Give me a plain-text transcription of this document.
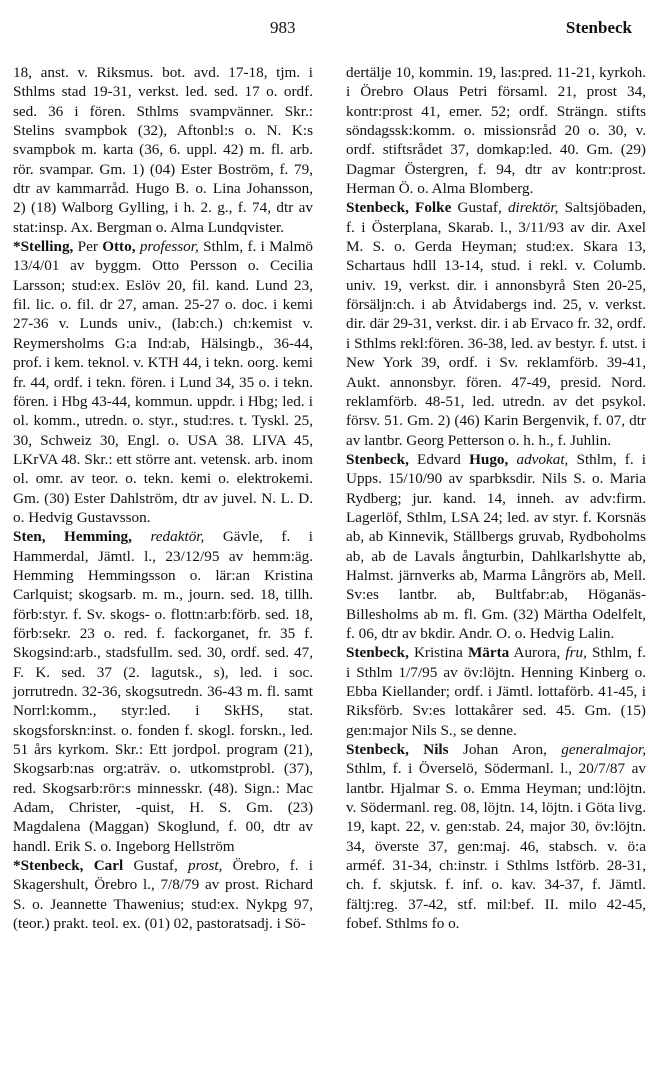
983	Stenbeck

18, anst. v. Riksmus. bot. avd. 17-18, tjm. i Sthlms stad 19-31, verkst. led. sed. 17 o. ordf. sed. 36 i fören. Sthlms svampvänner. Skr.: Stelins svampbok (32), Aftonbl:s o. N. K:s svampbok m. karta (36, 6. uppl. 42) m. fl. arb. rör. svampar. Gm. 1) (04) Ester Boström, f. 79, dtr av kammarråd. Hugo B. o. Lina Johansson, 2) (18) Walborg Gylling, i h. 2. g., f. 74, dtr av stat:insp. Ax. Bergman o. Alma Lundqvister.

*Stelling, Per Otto, professor, Sthlm, f. i Malmö 13/4/01 av byggm. Otto Persson o. Cecilia Larsson; stud:ex. Eslöv 20, fil. kand. Lund 23, fil. lic. o. fil. dr 27, aman. 25-27 o. doc. i kemi 27-36 v. Lunds univ., (lab:ch.) ch:kemist v. Reymersholms G:a Ind:ab, Hälsingb., 36-44, prof. i kem. teknol. v. KTH 44, i tekn. oorg. kemi fr. 44, ordf. i tekn. fören. i Lund 34, 35 o. i tekn. fören. i Hbg 43-44, kommun. uppdr. i Hbg; led. i ol. komm., utredn. o. styr., stud:res. t. Tyskl. 25, 30, Schweiz 30, Engl. o. USA 38. LIVA 45, LKrVA 48. Skr.: ett större ant. vetensk. arb. inom ol. omr. av teor. o. tekn. kemi o. elektrokemi. Gm. (30) Ester Dahlström, dtr av juvel. N. L. D. o. Hedvig Gustavsson.

Sten, Hemming, redaktör, Gävle, f. i Hammerdal, Jämtl. l., 23/12/95 av hemm:äg. Hemming Hemmingsson o. lär:an Kristina Carlquist; skogsarb. m. m., journ. sed. 18, tillh. förb:styr. f. Sv. skogs- o. flottn:arb:förb. sed. 18, förb:sekr. 23 o. red. f. fackorganet, fr. 35 f. Skogsind:arb., stadsfullm. sed. 30, ordf. sed. 47, F. K. sed. 37 (2. lagutsk., s), led. i soc. jorrutredn. 32-36, skogsutredn. 36-43 m. fl. samt Norrl:komm., styr:led. i SkHS, stat. skogsforskn:inst. o. fonden f. skogl. forskn., led. 51 års kyrkom. Skr.: Ett jordpol. program (21), Skogsarb:nas org:aträv. o. utkomstprobl. (37), red. Skogsarb:rör:s minnesskr. (48). Sign.: Mac Adam, Christer, -quist, H. S. Gm. (23) Magdalena (Maggan) Skoglund, f. 00, dtr av handl. Erik S. o. Ingeborg Hellström

*Stenbeck, Carl Gustaf, prost, Örebro, f. i Skagershult, Örebro l., 7/8/79 av prost. Richard S. o. Jeannette Thawenius; stud:ex. Nykpg 97, (teor.) prakt. teol. ex. (01) 02, pastoratsadj. i Sö-

dertälje 10, kommin. 19, las:pred. 11-21, kyrkoh. i Örebro Olaus Petri församl. 21, prost 34, kontr:prost 41, emer. 52; ordf. Strängn. stifts söndagssk:komm. o. missionsråd 20 o. 30, v. ordf. stiftsrådet 37, domkap:led. 40. Gm. (29) Dagmar Östergren, f. 94, dtr av kontr:prost. Herman Ö. o. Alma Blomberg.

Stenbeck, Folke Gustaf, direktör, Saltsjöbaden, f. i Österplana, Skarab. l., 3/11/93 av dir. Axel M. S. o. Gerda Heyman; stud:ex. Skara 13, Schartaus hdll 13-14, stud. i rekl. v. Columb. univ. 19, verkst. dir. i annonsbyrå Sten 20-25, försäljn:ch. i ab Åtvidabergs ind. 25, v. verkst. dir. där 29-31, verkst. dir. i ab Ervaco fr. 32, ordf. i Sthlms rekl:fören. 36-38, led. av bestyr. f. utst. i New York 39, ordf. i Sv. reklamförb. 39-41, Aukt. annonsbyr. fören. 47-49, presid. Nord. reklamförb. 48-51, led. utredn. av det psykol. försv. 51. Gm. 2) (46) Karin Bergenvik, f. 07, dtr av lantbr. Georg Petterson o. h. h., f. Juhlin.

Stenbeck, Edvard Hugo, advokat, Sthlm, f. i Upps. 15/10/90 av sparbksdir. Nils S. o. Maria Rydberg; jur. kand. 14, inneh. av adv:firm. Lagerlöf, Sthlm, LSA 24; led. av styr. f. Korsnäs ab, ab Kinnevik, Ställbergs gruvab, Rydboholms ab, ab de Lavals ångturbin, Dahlkarlshytte ab, Halmst. järnverks ab, Marma Långrörs ab, Mell. Sv:es lantbr. ab, Bultfabr:ab, Höganäs-Billesholms ab m. fl. Gm. (32) Märtha Odelfelt, f. 06, dtr av bkdir. Andr. O. o. Hedvig Lalin.

Stenbeck, Kristina Märta Aurora, fru, Sthlm, f. i Sthlm 1/7/95 av öv:löjtn. Henning Kinberg o. Ebba Kiellander; ordf. i Jämtl. lottaförb. 41-45, i Riksförb. Sv:es lottakårer sed. 45. Gm. (15) gen:major Nils S., se denne.

Stenbeck, Nils Johan Aron, generalmajor, Sthlm, f. i Överselö, Södermanl. l., 20/7/87 av lantbr. Hjalmar S. o. Emma Heyman; und:löjtn. v. Södermanl. reg. 08, löjtn. 14, löjtn. i Göta livg. 19, kapt. 22, v. gen:stab. 24, major 30, öv:löjtn. 34, överste 37, gen:maj. 46, stabsch. v. ö:a arméf. 31-34, ch:instr. i Sthlms lstförb. 28-31, ch. f. skjutsk. f. inf. o. kav. 34-37, f. Jämtl. fältj:reg. 37-42, stf. mil:bef. II. milo 42-45, fobef. Sthlms fo o.
